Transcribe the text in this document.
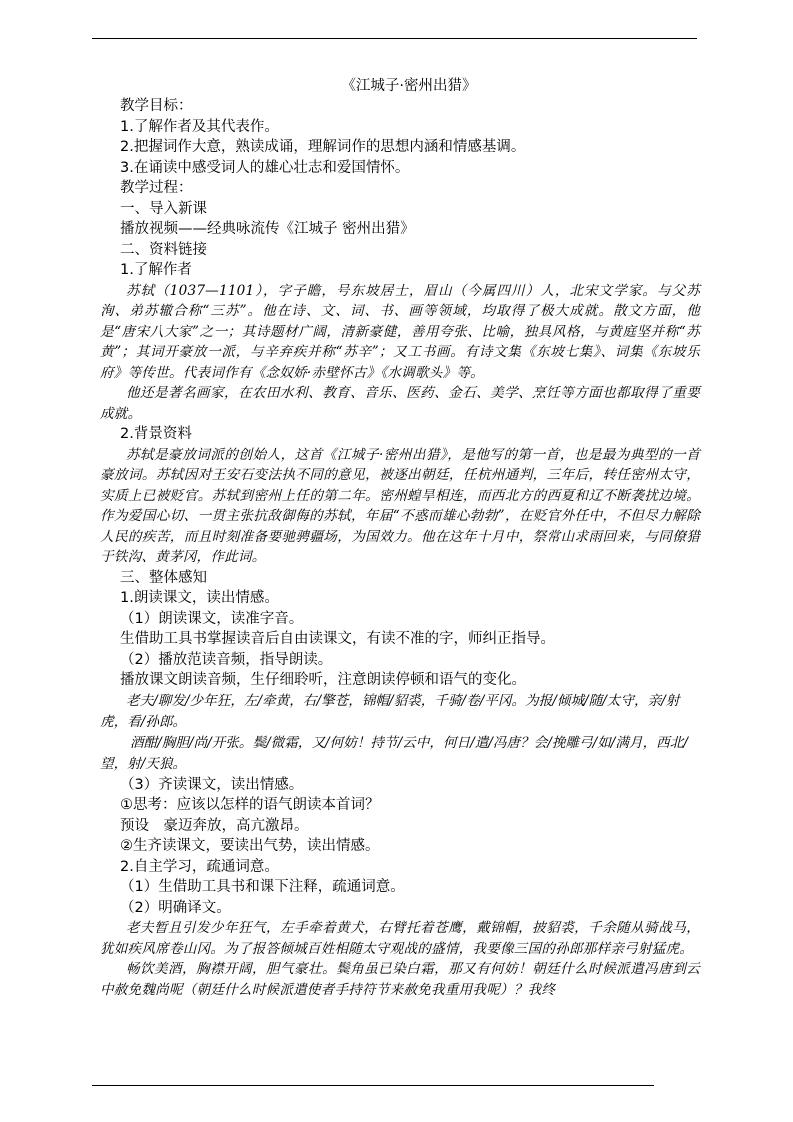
《江城子·密州出猎》
教学目标：
1.了解作者及其代表作。
2.把握词作大意，熟读成诵，理解词作的思想内涵和情感基调。
3.在诵读中感受词人的雄心壮志和爱国情怀。
教学过程：
一、导入新课
播放视频——经典咏流传《江城子 密州出猎》
二、资料链接
1.了解作者
苏轼（1037—1101），字子瞻，号东坡居士，眉山（今属四川）人，北宋文学家。与父苏洵、弟苏辙合称“三苏”。他在诗、文、词、书、画等领域，均取得了极大成就。散文方面，他是“唐宋八大家”之一；其诗题材广阔，清新豪健，善用夸张、比喻，独具风格，与黄庭坚并称“苏黄”；其词开豪放一派，与辛弃疾并称“苏辛”；又工书画。有诗文集《东坡七集》、词集《东坡乐府》等传世。代表词作有《念奴娇·赤壁怀古》《水调歌头》等。
他还是著名画家，在农田水利、教育、音乐、医药、金石、美学、烹饪等方面也都取得了重要成就。
2.背景资料
苏轼是豪放词派的创始人，这首《江城子·密州出猎》，是他写的第一首，也是最为典型的一首豪放词。苏轼因对王安石变法执不同的意见，被逐出朝廷，任杭州通判，三年后，转任密州太守，实质上已被贬官。苏轼到密州上任的第二年。密州蝗旱相连，而西北方的西夏和辽不断袭扰边境。作为爱国心切、一贯主张抗敌御侮的苏轼，年届“不惑而雄心勃勃”，在贬官外任中，不但尽力解除人民的疾苦，而且时刻准备要驰骋疆场，为国效力。他在这年十月中，祭常山求雨回来，与同僚猎于铁沟、黄茅冈，作此词。
三、整体感知
1.朗读课文，读出情感。
（1）朗读课文，读准字音。
生借助工具书掌握读音后自由读课文，有读不准的字，师纠正指导。
（2）播放范读音频，指导朗读。
播放课文朗读音频，生仔细聆听，注意朗读停顿和语气的变化。
老夫/聊发/少年狂，左/牵黄，右/擎苍，锦帽/貂裘，千骑/卷/平冈。为报/倾城/随/太守，亲/射虎，看/孙郎。
酒酣/胸胆/尚/开张。鬓/微霜，又/何妨！持节/云中，何日/遣/冯唐？会/挽雕弓/如/满月，西北/望，射/天狼。
（3）齐读课文，读出情感。
①思考：应该以怎样的语气朗读本首词？
预设　豪迈奔放，高亢激昂。
②生齐读课文，要读出气势，读出情感。
2.自主学习，疏通词意。
（1）生借助工具书和课下注释，疏通词意。
（2）明确译文。
老夫暂且引发少年狂气，左手牵着黄犬，右臂托着苍鹰，戴锦帽，披貂裘，千余随从骑战马，犹如疾风席卷山冈。为了报答倾城百姓相随太守观战的盛情，我要像三国的孙郎那样亲弓射猛虎。
畅饮美酒，胸襟开阔，胆气豪壮。鬓角虽已染白霜，那又有何妨！朝廷什么时候派遣冯唐到云中赦免魏尚呢（朝廷什么时候派遣使者手持符节来赦免我重用我呢）？我终
